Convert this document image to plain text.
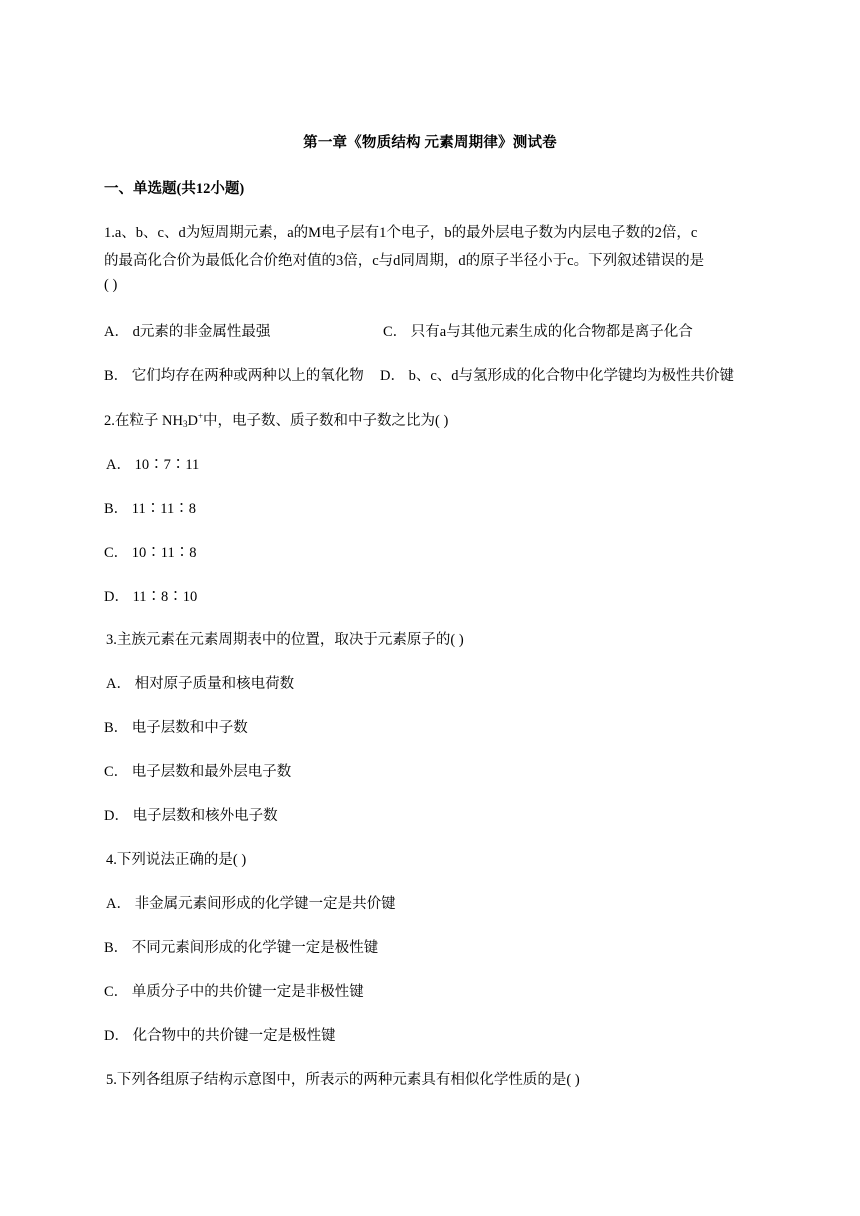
第一章《物质结构 元素周期律》测试卷
一、单选题(共12小题)
1.a、b、c、d为短周期元素，a的M电子层有1个电子，b的最外层电子数为内层电子数的2倍，c
的最高化合价为最低化合价绝对值的3倍，c与d同周期，d的原子半径小于c。下列叙述错误的是
( )
A． d元素的非金属性最强	C． 只有a与其他元素生成的化合物都是离子化合
B． 它们均存在两种或两种以上的氧化物 D． b、c、d与氢形成的化合物中化学键均为极性共价键
2.在粒子 $NH_3D^+$中，电子数、质子数和中子数之比为( )
A． 10∶7∶11
B． 11∶11∶8
C． 10∶11∶8
D． 11∶8∶10
3.主族元素在元素周期表中的位置，取决于元素原子的( )
A． 相对原子质量和核电荷数
B． 电子层数和中子数
C． 电子层数和最外层电子数
D． 电子层数和核外电子数
4.下列说法正确的是( )
A． 非金属元素间形成的化学键一定是共价键
B． 不同元素间形成的化学键一定是极性键
C． 单质分子中的共价键一定是非极性键
D． 化合物中的共价键一定是极性键
5.下列各组原子结构示意图中，所表示的两种元素具有相似化学性质的是( )
